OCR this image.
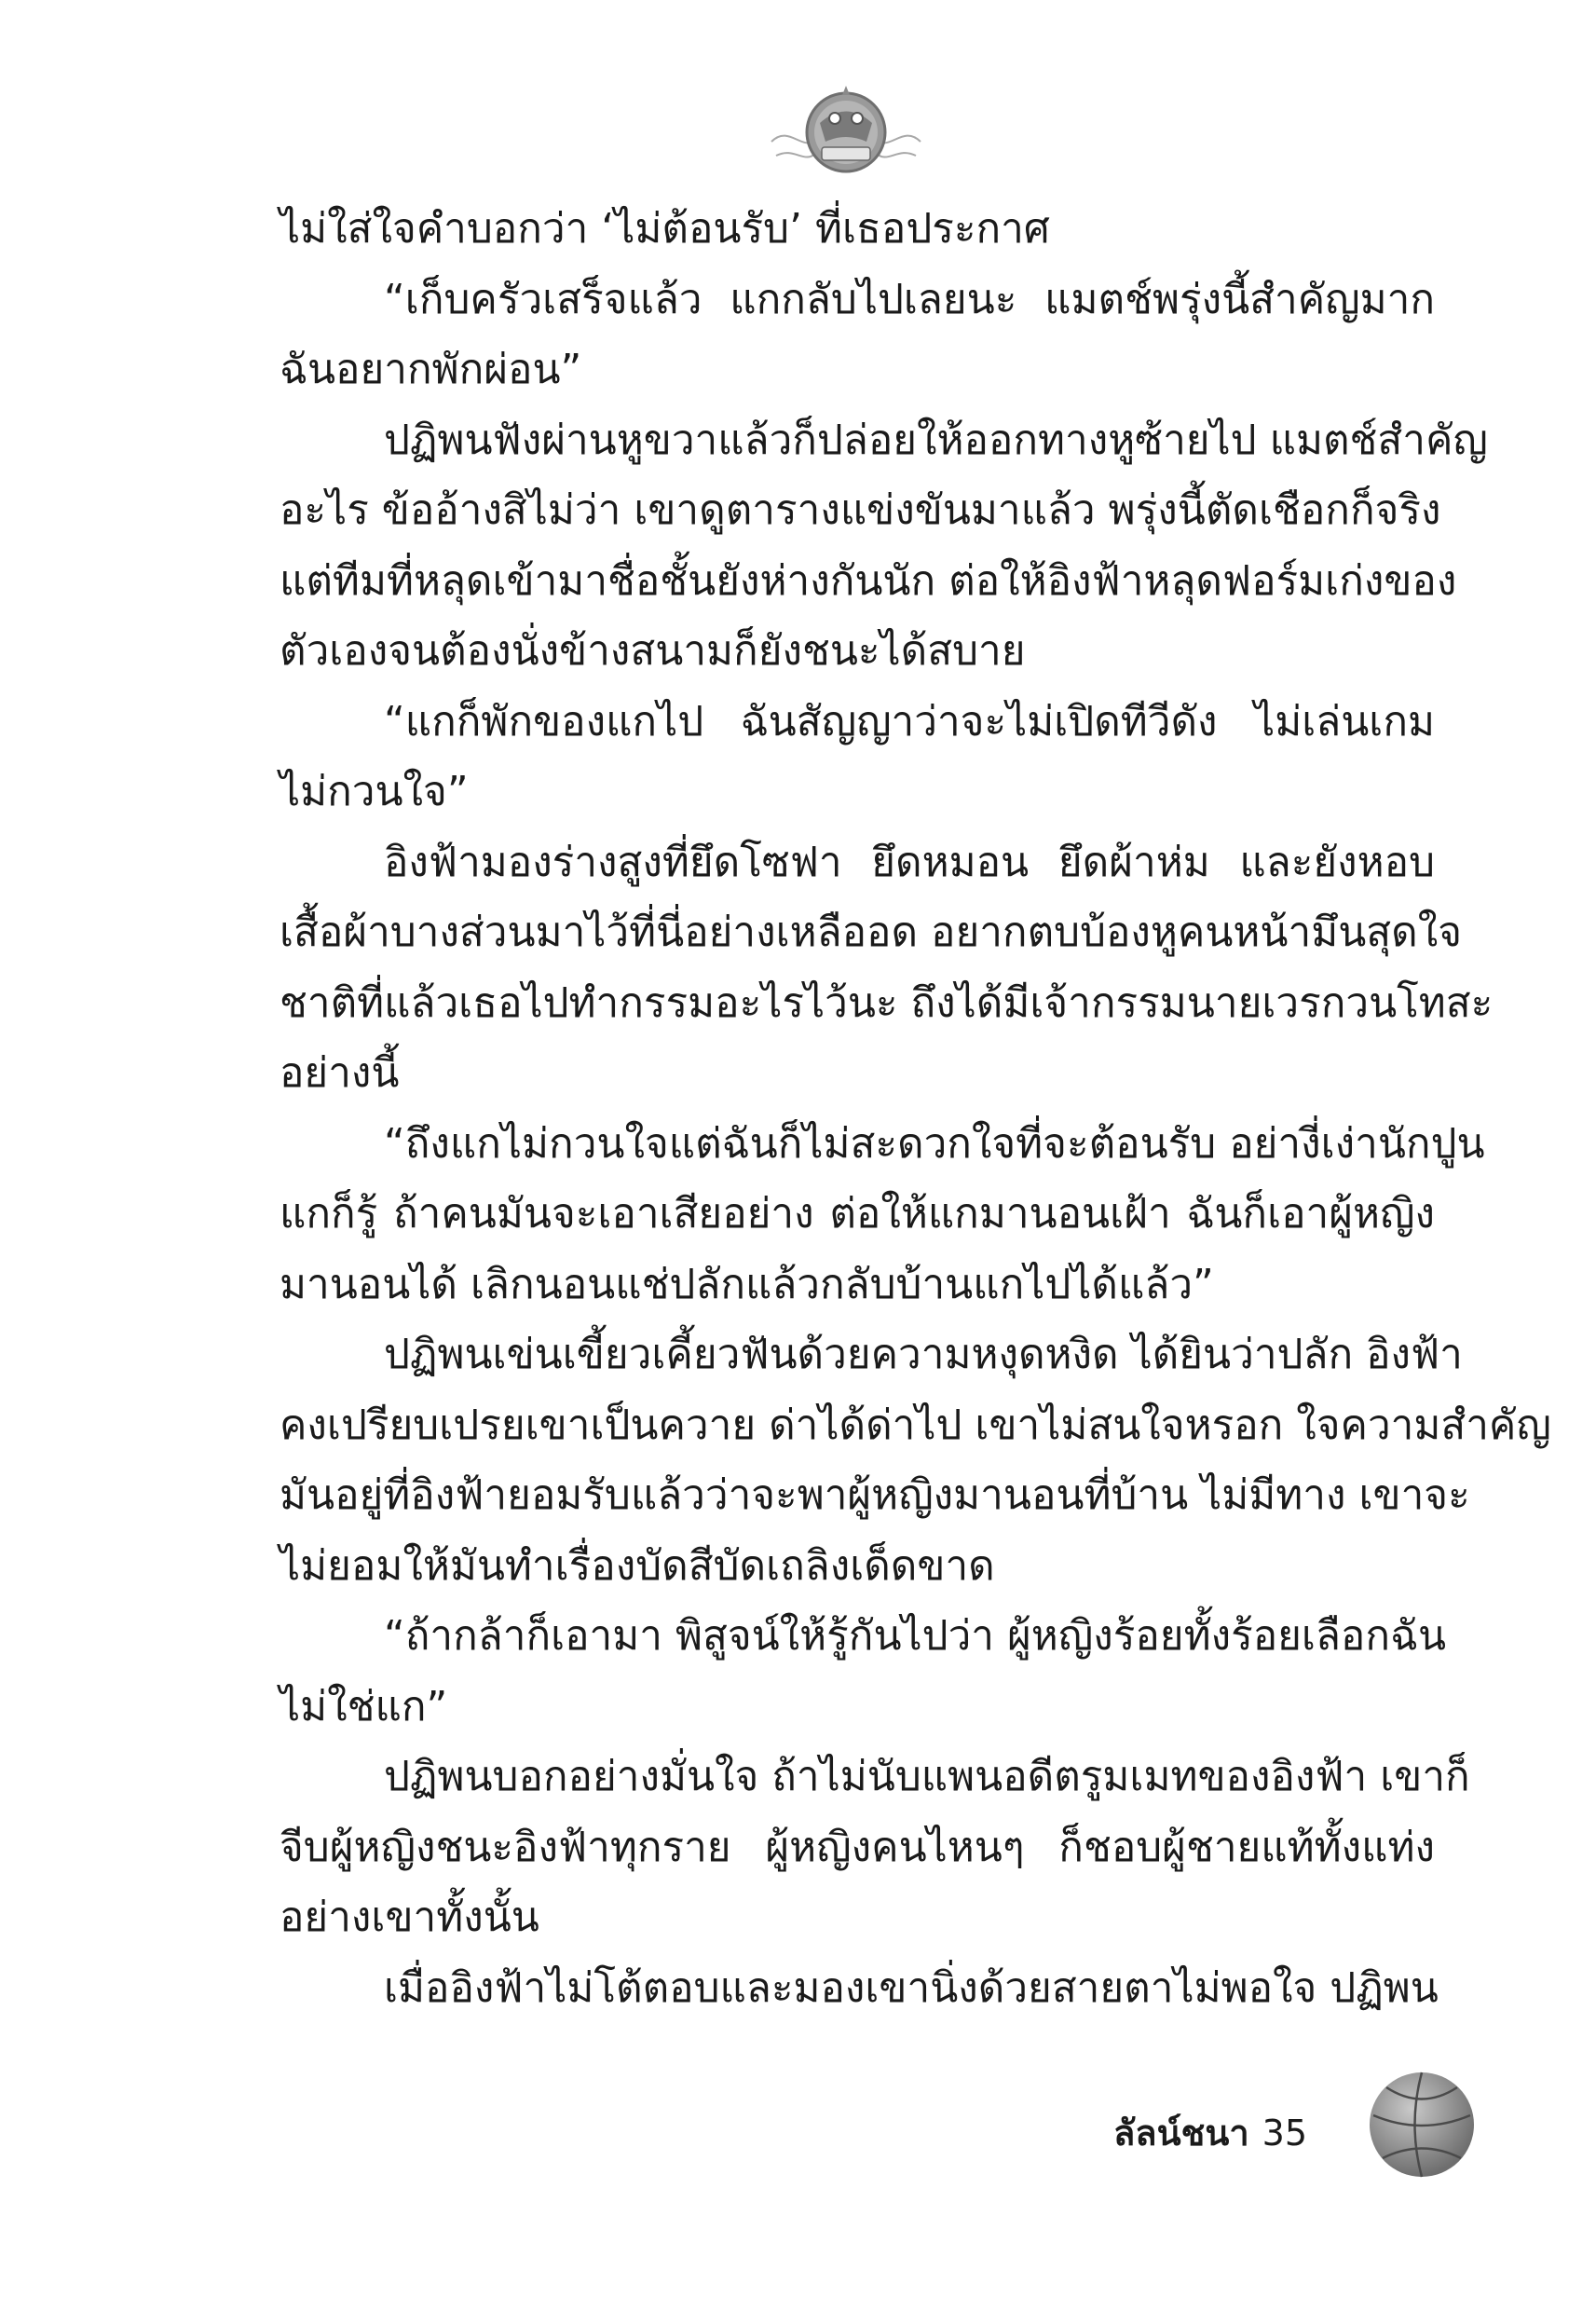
ไม่ใส่ใจคำบอกว่า ‘ไม่ต้อนรับ’ ที่เธอประกาศ
“เก็บครัวเสร็จแล้ว แกกลับไปเลยนะ แมตช์พรุ่งนี้สำคัญมาก
ฉันอยากพักผ่อน”
ปฏิพนฟังผ่านหูขวาแล้วก็ปล่อยให้ออกทางหูซ้ายไป แมตช์สำคัญ
อะไร ข้ออ้างสิไม่ว่า เขาดูตารางแข่งขันมาแล้ว พรุ่งนี้ตัดเชือกก็จริง
แต่ทีมที่หลุดเข้ามาชื่อชั้นยังห่างกันนัก ต่อให้อิงฟ้าหลุดฟอร์มเก่งของ
ตัวเองจนต้องนั่งข้างสนามก็ยังชนะได้สบาย
“แกก็พักของแกไป ฉันสัญญาว่าจะไม่เปิดทีวีดัง ไม่เล่นเกม
ไม่กวนใจ”
อิงฟ้ามองร่างสูงที่ยึดโซฟา ยึดหมอน ยึดผ้าห่ม และยังหอบ
เสื้อผ้าบางส่วนมาไว้ที่นี่อย่างเหลืออด อยากตบบ้องหูคนหน้ามึนสุดใจ
ชาติที่แล้วเธอไปทำกรรมอะไรไว้นะ ถึงได้มีเจ้ากรรมนายเวรกวนโทสะ
อย่างนี้
“ถึงแกไม่กวนใจแต่ฉันก็ไม่สะดวกใจที่จะต้อนรับ อย่างี่เง่านักปูน
แกก็รู้ ถ้าคนมันจะเอาเสียอย่าง ต่อให้แกมานอนเฝ้า ฉันก็เอาผู้หญิง
มานอนได้ เลิกนอนแช่ปลักแล้วกลับบ้านแกไปได้แล้ว”
ปฏิพนเข่นเขี้ยวเคี้ยวฟันด้วยความหงุดหงิด ได้ยินว่าปลัก อิงฟ้า
คงเปรียบเปรยเขาเป็นควาย ด่าได้ด่าไป เขาไม่สนใจหรอก ใจความสำคัญ
มันอยู่ที่อิงฟ้ายอมรับแล้วว่าจะพาผู้หญิงมานอนที่บ้าน ไม่มีทาง เขาจะ
ไม่ยอมให้มันทำเรื่องบัดสีบัดเถลิงเด็ดขาด
“ถ้ากล้าก็เอามา พิสูจน์ให้รู้กันไปว่า ผู้หญิงร้อยทั้งร้อยเลือกฉัน
ไม่ใช่แก”
ปฏิพนบอกอย่างมั่นใจ ถ้าไม่นับแพนอดีตรูมเมทของอิงฟ้า เขาก็
จีบผู้หญิงชนะอิงฟ้าทุกราย ผู้หญิงคนไหนๆ ก็ชอบผู้ชายแท้ทั้งแท่ง
อย่างเขาทั้งนั้น
เมื่ออิงฟ้าไม่โต้ตอบและมองเขานิ่งด้วยสายตาไม่พอใจ ปฏิพน
ลัลน์ชนา 35
